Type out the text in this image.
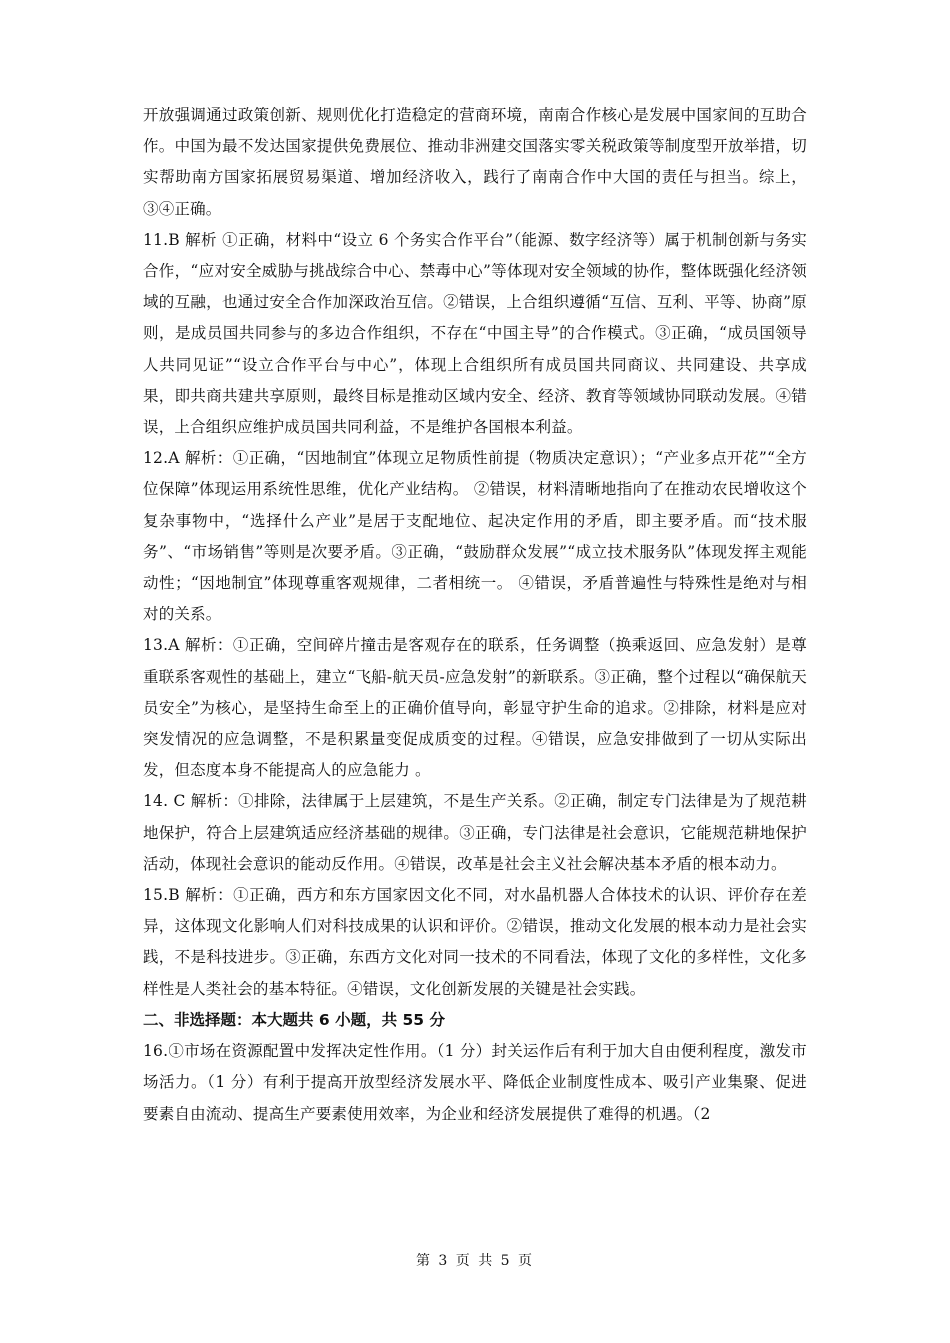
开放强调通过政策创新、规则优化打造稳定的营商环境，南南合作核心是发展中国家间的互助合作。中国为最不发达国家提供免费展位、推动非洲建交国落实零关税政策等制度型开放举措，切实帮助南方国家拓展贸易渠道、增加经济收入，践行了南南合作中大国的责任与担当。综上，③④正确。

11.B 解析 ①正确，材料中“设立 6 个务实合作平台”（能源、数字经济等）属于机制创新与务实合作，“应对安全威胁与挑战综合中心、禁毒中心”等体现对安全领域的协作，整体既强化经济领域的互融，也通过安全合作加深政治互信。②错误，上合组织遵循“互信、互利、平等、协商”原则，是成员国共同参与的多边合作组织，不存在“中国主导”的合作模式。③正确，“成员国领导人共同见证”“设立合作平台与中心”，体现上合组织所有成员国共同商议、共同建设、共享成果，即共商共建共享原则，最终目标是推动区域内安全、经济、教育等领域协同联动发展。④错误，上合组织应维护成员国共同利益，不是维护各国根本利益。

12.A 解析：①正确，“因地制宜”体现立足物质性前提（物质决定意识）；“产业多点开花”“全方位保障”体现运用系统性思维，优化产业结构。 ②错误，材料清晰地指向了在推动农民增收这个复杂事物中，“选择什么产业”是居于支配地位、起决定作用的矛盾，即主要矛盾。而“技术服务”、“市场销售”等则是次要矛盾。③正确，“鼓励群众发展”“成立技术服务队”体现发挥主观能动性；“因地制宜”体现尊重客观规律，二者相统一。 ④错误，矛盾普遍性与特殊性是绝对与相对的关系。

13.A 解析：①正确，空间碎片撞击是客观存在的联系，任务调整（换乘返回、应急发射）是尊重联系客观性的基础上，建立“飞船-航天员-应急发射”的新联系。③正确，整个过程以“确保航天员安全”为核心，是坚持生命至上的正确价值导向，彰显守护生命的追求。②排除，材料是应对突发情况的应急调整，不是积累量变促成质变的过程。④错误，应急安排做到了一切从实际出发，但态度本身不能提高人的应急能力 。

14. C 解析：①排除，法律属于上层建筑，不是生产关系。②正确，制定专门法律是为了规范耕地保护，符合上层建筑适应经济基础的规律。③正确，专门法律是社会意识，它能规范耕地保护活动，体现社会意识的能动反作用。④错误，改革是社会主义社会解决基本矛盾的根本动力。

15.B 解析：①正确，西方和东方国家因文化不同，对水晶机器人合体技术的认识、评价存在差异，这体现文化影响人们对科技成果的认识和评价。②错误，推动文化发展的根本动力是社会实践，不是科技进步。③正确，东西方文化对同一技术的不同看法，体现了文化的多样性，文化多样性是人类社会的基本特征。④错误，文化创新发展的关键是社会实践。

二、非选择题：本大题共 6 小题，共 55 分

16.①市场在资源配置中发挥决定性作用。（1 分）封关运作后有利于加大自由便利程度，激发市场活力。（1 分）有利于提高开放型经济发展水平、降低企业制度性成本、吸引产业集聚、促进要素自由流动、提高生产要素使用效率，为企业和经济发展提供了难得的机遇。（2

第 3 页 共 5 页
